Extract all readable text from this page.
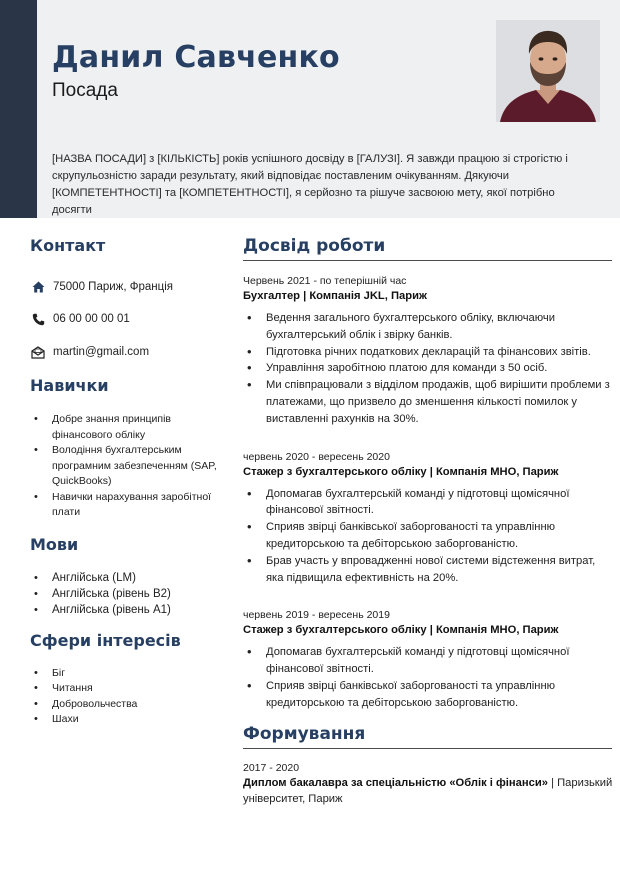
Данил Савченко
Посада
[НАЗВА ПОСАДИ] з [КІЛЬКІСТЬ] років успішного досвіду в [ГАЛУЗІ]. Я завжди працюю зі строгістю і скрупульозністю заради результату, який відповідає поставленим очікуванням. Дякуючи [КОМПЕТЕНТНОСТІ] та [КОМПЕТЕНТНОСТІ], я серйозно та рішуче засвоюю мету, якої потрібно досягти
Контакт
75000 Париж, Франція
06 00 00 00 01
martin@gmail.com
Навички
• Добре знання принципів фінансового обліку
• Володіння бухгалтерським програмним забезпеченням (SAP, QuickBooks)
• Навички нарахування заробітної плати
Мови
• Англійська (LM)
• Англійська (рівень B2)
• Англійська (рівень A1)
Сфери інтересів
• Біг
• Читання
• Добровольчества
• Шахи
Досвід роботи
Червень 2021 - по теперішній час
Бухгалтер | Компанія JKL, Париж
• Ведення загального бухгалтерського обліку, включаючи бухгалтерський облік і звірку банків.
• Підготовка річних податкових декларацій та фінансових звітів.
• Управління заробітною платою для команди з 50 осіб.
• Ми співпрацювали з відділом продажів, щоб вирішити проблеми з платежами, що призвело до зменшення кількості помилок у виставленні рахунків на 30%.
червень 2020 - вересень 2020
Стажер з бухгалтерського обліку | Компанія MHO, Париж
• Допомагав бухгалтерській команді у підготовці щомісячної фінансової звітності.
• Сприяв звірці банківської заборгованості та управлінню кредиторською та дебіторською заборгованістю.
• Брав участь у впровадженні нової системи відстеження витрат, яка підвищила ефективність на 20%.
червень 2019 - вересень 2019
Стажер з бухгалтерського обліку | Компанія MHO, Париж
• Допомагав бухгалтерській команді у підготовці щомісячної фінансової звітності.
• Сприяв звірці банківської заборгованості та управлінню кредиторською та дебіторською заборгованістю.
Формування
2017 - 2020
Диплом бакалавра за спеціальністю «Облік і фінанси» | Паризький університет, Париж
